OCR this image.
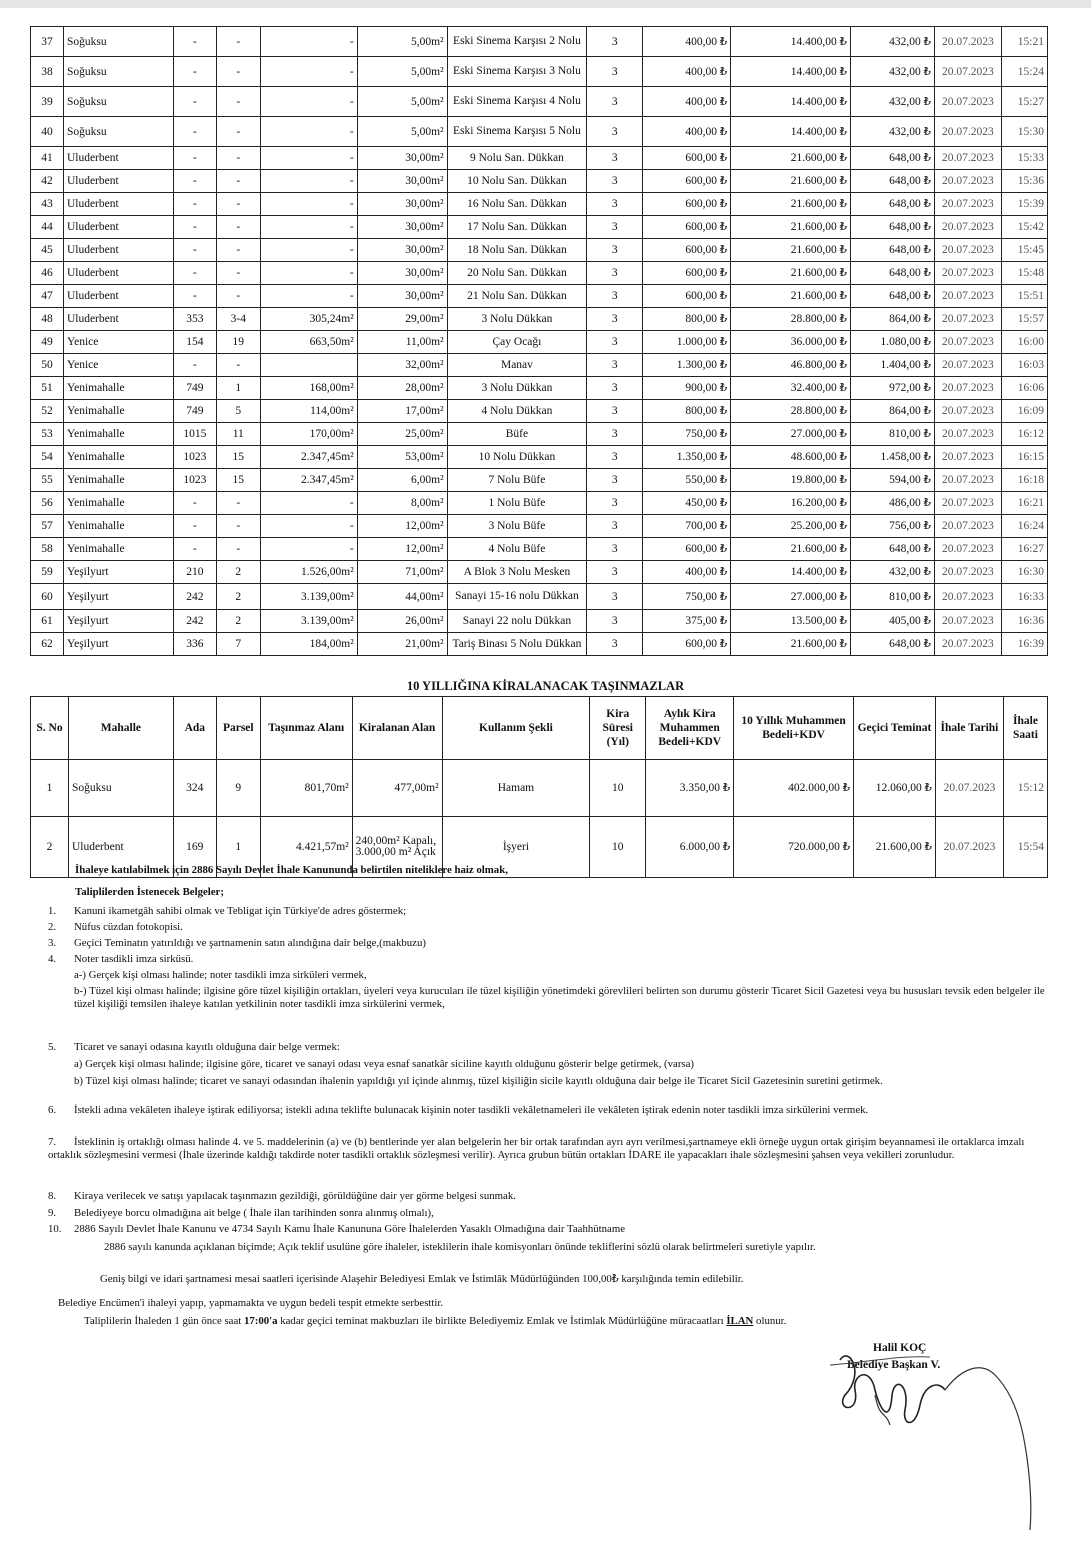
37	Soğuksu	-	-	-	5,00m²	Eski Sinema Karşısı 2 Nolu	3	400,00 ₺	14.400,00 ₺	432,00 ₺	20.07.2023	15:21
38	Soğuksu	-	-	-	5,00m²	Eski Sinema Karşısı 3 Nolu	3	400,00 ₺	14.400,00 ₺	432,00 ₺	20.07.2023	15:24
39	Soğuksu	-	-	-	5,00m²	Eski Sinema Karşısı 4 Nolu	3	400,00 ₺	14.400,00 ₺	432,00 ₺	20.07.2023	15:27
40	Soğuksu	-	-	-	5,00m²	Eski Sinema Karşısı 5 Nolu	3	400,00 ₺	14.400,00 ₺	432,00 ₺	20.07.2023	15:30
41	Uluderbent	-	-	-	30,00m²	9 Nolu San. Dükkan	3	600,00 ₺	21.600,00 ₺	648,00 ₺	20.07.2023	15:33
42	Uluderbent	-	-	-	30,00m²	10 Nolu San. Dükkan	3	600,00 ₺	21.600,00 ₺	648,00 ₺	20.07.2023	15:36
43	Uluderbent	-	-	-	30,00m²	16 Nolu San. Dükkan	3	600,00 ₺	21.600,00 ₺	648,00 ₺	20.07.2023	15:39
44	Uluderbent	-	-	-	30,00m²	17 Nolu San. Dükkan	3	600,00 ₺	21.600,00 ₺	648,00 ₺	20.07.2023	15:42
45	Uluderbent	-	-	-	30,00m²	18 Nolu San. Dükkan	3	600,00 ₺	21.600,00 ₺	648,00 ₺	20.07.2023	15:45
46	Uluderbent	-	-	-	30,00m²	20 Nolu San. Dükkan	3	600,00 ₺	21.600,00 ₺	648,00 ₺	20.07.2023	15:48
47	Uluderbent	-	-	-	30,00m²	21 Nolu San. Dükkan	3	600,00 ₺	21.600,00 ₺	648,00 ₺	20.07.2023	15:51
48	Uluderbent	353	3-4	305,24m²	29,00m²	3 Nolu Dükkan	3	800,00 ₺	28.800,00 ₺	864,00 ₺	20.07.2023	15:57
49	Yenice	154	19	663,50m²	11,00m²	Çay Ocağı	3	1.000,00 ₺	36.000,00 ₺	1.080,00 ₺	20.07.2023	16:00
50	Yenice	-	-		32,00m²	Manav	3	1.300,00 ₺	46.800,00 ₺	1.404,00 ₺	20.07.2023	16:03
51	Yenimahalle	749	1	168,00m²	28,00m²	3 Nolu Dükkan	3	900,00 ₺	32.400,00 ₺	972,00 ₺	20.07.2023	16:06
52	Yenimahalle	749	5	114,00m²	17,00m²	4 Nolu Dükkan	3	800,00 ₺	28.800,00 ₺	864,00 ₺	20.07.2023	16:09
53	Yenimahalle	1015	11	170,00m²	25,00m²	Büfe	3	750,00 ₺	27.000,00 ₺	810,00 ₺	20.07.2023	16:12
54	Yenimahalle	1023	15	2.347,45m²	53,00m²	10 Nolu Dükkan	3	1.350,00 ₺	48.600,00 ₺	1.458,00 ₺	20.07.2023	16:15
55	Yenimahalle	1023	15	2.347,45m²	6,00m²	7 Nolu Büfe	3	550,00 ₺	19.800,00 ₺	594,00 ₺	20.07.2023	16:18
56	Yenimahalle	-	-	-	8,00m²	1 Nolu Büfe	3	450,00 ₺	16.200,00 ₺	486,00 ₺	20.07.2023	16:21
57	Yenimahalle	-	-	-	12,00m²	3 Nolu Büfe	3	700,00 ₺	25.200,00 ₺	756,00 ₺	20.07.2023	16:24
58	Yenimahalle	-	-	-	12,00m²	4 Nolu Büfe	3	600,00 ₺	21.600,00 ₺	648,00 ₺	20.07.2023	16:27
59	Yeşilyurt	210	2	1.526,00m²	71,00m²	A Blok 3 Nolu Mesken	3	400,00 ₺	14.400,00 ₺	432,00 ₺	20.07.2023	16:30
60	Yeşilyurt	242	2	3.139,00m²	44,00m²	Sanayi 15-16 nolu Dükkan	3	750,00 ₺	27.000,00 ₺	810,00 ₺	20.07.2023	16:33
61	Yeşilyurt	242	2	3.139,00m²	26,00m²	Sanayi 22 nolu Dükkan	3	375,00 ₺	13.500,00 ₺	405,00 ₺	20.07.2023	16:36
62	Yeşilyurt	336	7	184,00m²	21,00m²	Tariş Binası 5 Nolu Dükkan	3	600,00 ₺	21.600,00 ₺	648,00 ₺	20.07.2023	16:39
10 YILLIĞINA KİRALANACAK TAŞINMAZLAR
S. No	Mahalle	Ada	Parsel	Taşınmaz Alanı	Kiralanan Alan	Kullanım Şekli	Kira Süresi (Yıl)	Aylık Kira Muhammen Bedeli+KDV	10 Yıllık Muhammen Bedeli+KDV	Geçici Teminat	İhale Tarihi	İhale Saati
1	Soğuksu	324	9	801,70m²	477,00m²	Hamam	10	3.350,00 ₺	402.000,00 ₺	12.060,00 ₺	20.07.2023	15:12
2	Uluderbent	169	1	4.421,57m²	240,00m² Kapalı, 3.000,00 m² Açık	İşyeri	10	6.000,00 ₺	720.000,00 ₺	21.600,00 ₺	20.07.2023	15:54
İhaleye katılabilmek için 2886 Sayılı Devlet İhale Kanununda belirtilen niteliklere haiz olmak,
Taliplilerden İstenecek Belgeler;
1. Kanuni ikametgâh sahibi olmak ve Tebligat için Türkiye'de adres göstermek;
2. Nüfus cüzdan fotokopisi.
3. Geçici Teminatın yatırıldığı ve şartnamenin satın alındığına dair belge,(makbuzu)
4. Noter tasdikli imza sirküsü.
a-) Gerçek kişi olması halinde; noter tasdikli imza sirküleri vermek,
b-) Tüzel kişi olması halinde; ilgisine göre tüzel kişiliğin ortakları, üyeleri veya kurucuları ile tüzel kişiliğin yönetimdeki görevlileri belirten son durumu gösterir Ticaret Sicil Gazetesi veya bu hususları tevsik eden belgeler ile tüzel kişiliği temsilen ihaleye katılan yetkilinin noter tasdikli imza sirkülerini vermek,
5. Ticaret ve sanayi odasına kayıtlı olduğuna dair belge vermek:
a) Gerçek kişi olması halinde; ilgisine göre, ticaret ve sanayi odası veya esnaf sanatkâr siciline kayıtlı olduğunu gösterir belge getirmek, (varsa)
b) Tüzel kişi olması halinde; ticaret ve sanayi odasından ihalenin yapıldığı yıl içinde alınmış, tüzel kişiliğin sicile kayıtlı olduğuna dair belge ile Ticaret Sicil Gazetesinin suretini getirmek.
6. İstekli adına vekâleten ihaleye iştirak ediliyorsa; istekli adına teklifte bulunacak kişinin noter tasdikli vekâletnameleri ile vekâleten iştirak edenin noter tasdikli imza sirkülerini vermek.
7. İsteklinin iş ortaklığı olması halinde 4. ve 5. maddelerinin (a) ve (b) bentlerinde yer alan belgelerin her bir ortak tarafından ayrı ayrı verilmesi,şartnameye ekli örneğe uygun ortak girişim beyannamesi ile ortaklarca imzalı ortaklık sözleşmesini vermesi (İhale üzerinde kaldığı takdirde noter tasdikli ortaklık sözleşmesi verilir). Ayrıca grubun bütün ortakları İDARE ile yapacakları ihale sözleşmesini şahsen veya vekilleri zorunludur.
8. Kiraya verilecek ve satışı yapılacak taşınmazın gezildiği, görüldüğüne dair yer görme belgesi sunmak.
9. Belediyeye borcu olmadığına ait belge ( İhale ilan tarihinden sonra alınmış olmalı),
10. 2886 Sayılı Devlet İhale Kanunu ve 4734 Sayılı Kamu İhale Kanununa Göre İhalelerden Yasaklı Olmadığına dair Taahhütname
2886 sayılı kanunda açıklanan biçimde; Açık teklif usulüne göre ihaleler, isteklilerin ihale komisyonları önünde tekliflerini sözlü olarak belirtmeleri suretiyle yapılır.
Geniş bilgi ve idari şartnamesi mesai saatleri içerisinde Alaşehir Belediyesi Emlak ve İstimlâk Müdürlüğünden 100,00₺ karşılığında temin edilebilir.
Belediye Encümen'i ihaleyi yapıp, yapmamakta ve uygun bedeli tespit etmekte serbesttir.
Taliplilerin İhaleden 1 gün önce saat 17:00'a kadar geçici teminat makbuzları ile birlikte Belediyemiz Emlak ve İstimlak Müdürlüğüne müracaatları İLAN olunur.
Halil KOÇ
Belediye Başkan V.
